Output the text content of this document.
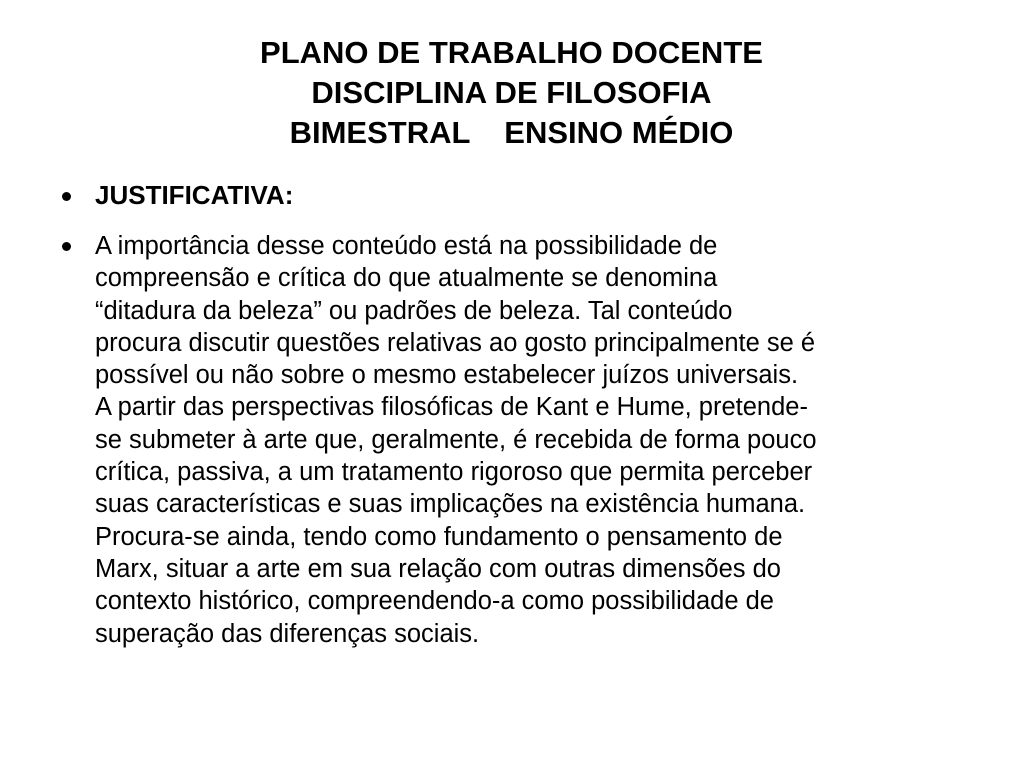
PLANO DE TRABALHO DOCENTE
DISCIPLINA DE FILOSOFIA
BIMESTRAL    ENSINO MÉDIO
JUSTIFICATIVA:
A importância desse conteúdo está na possibilidade de
compreensão e crítica do que atualmente se denomina
“ditadura da beleza” ou padrões de beleza. Tal conteúdo
procura discutir questões relativas ao gosto principalmente se é
possível ou não sobre o mesmo estabelecer juízos universais.
A partir das perspectivas filosóficas de Kant e Hume, pretende-
se submeter à arte que, geralmente, é recebida de forma pouco
crítica, passiva, a um tratamento rigoroso que permita perceber
suas características e suas implicações na existência humana.
Procura-se ainda, tendo como fundamento o pensamento de
Marx, situar a arte em sua relação com outras dimensões do
contexto histórico, compreendendo-a como possibilidade de
superação das diferenças sociais.
